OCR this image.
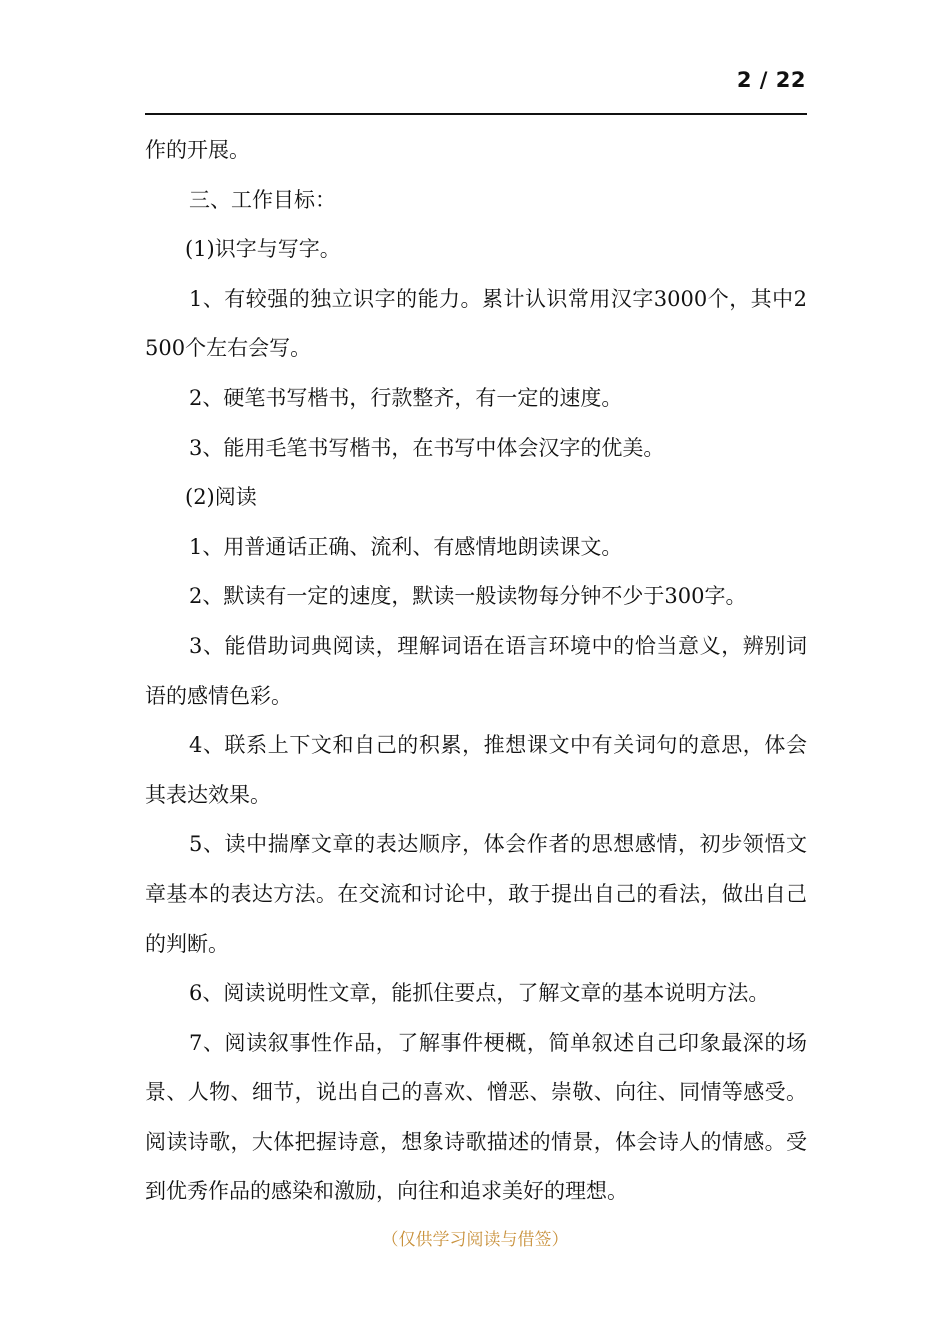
2 / 22

作的开展。

三、工作目标：

(1)识字与写字。

1、有较强的独立识字的能力。累计认识常用汉字3000个，其中2500个左右会写。

2、硬笔书写楷书，行款整齐，有一定的速度。

3、能用毛笔书写楷书，在书写中体会汉字的优美。

(2)阅读

1、用普通话正确、流利、有感情地朗读课文。

2、默读有一定的速度，默读一般读物每分钟不少于300字。

3、能借助词典阅读，理解词语在语言环境中的恰当意义，辨别词语的感情色彩。

4、联系上下文和自己的积累，推想课文中有关词句的意思，体会其表达效果。

5、读中揣摩文章的表达顺序，体会作者的思想感情，初步领悟文章基本的表达方法。在交流和讨论中，敢于提出自己的看法，做出自己的判断。

6、阅读说明性文章，能抓住要点，了解文章的基本说明方法。

7、阅读叙事性作品，了解事件梗概，简单叙述自己印象最深的场景、人物、细节，说出自己的喜欢、憎恶、崇敬、向往、同情等感受。阅读诗歌，大体把握诗意，想象诗歌描述的情景，体会诗人的情感。受到优秀作品的感染和激励，向往和追求美好的理想。

（仅供学习阅读与借签）
